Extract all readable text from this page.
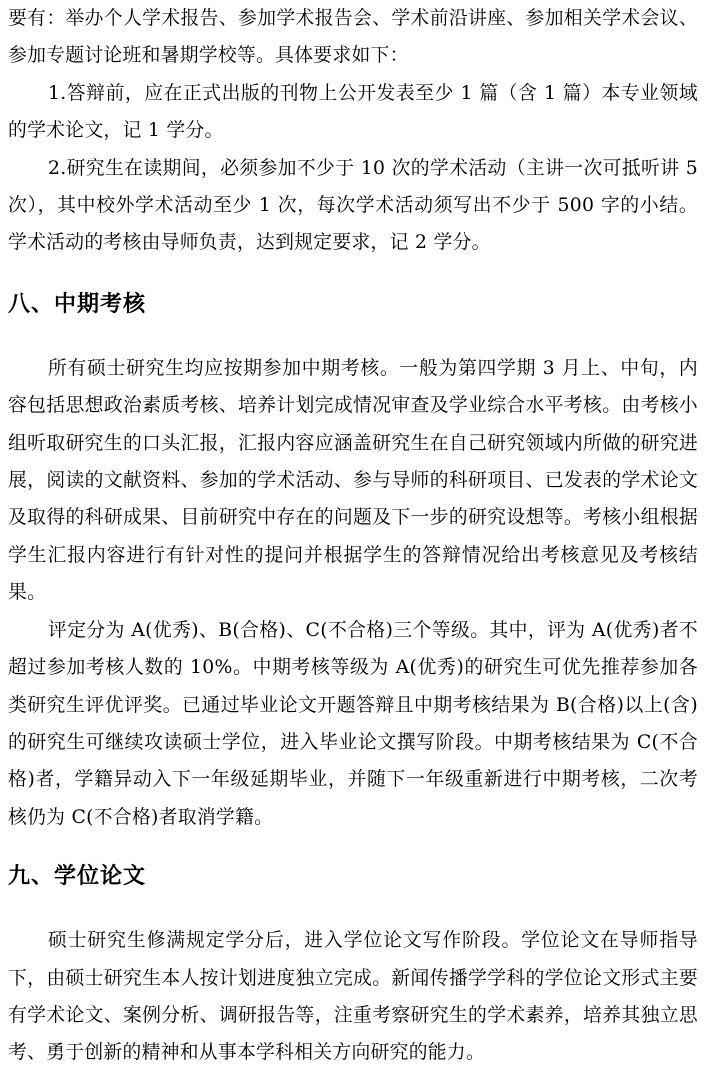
要有：举办个人学术报告、参加学术报告会、学术前沿讲座、参加相关学术会议、参加专题讨论班和暑期学校等。具体要求如下：

1.答辩前，应在正式出版的刊物上公开发表至少 1 篇（含 1 篇）本专业领域的学术论文，记 1 学分。

2.研究生在读期间，必须参加不少于 10 次的学术活动（主讲一次可抵听讲 5次），其中校外学术活动至少 1 次，每次学术活动须写出不少于 500 字的小结。学术活动的考核由导师负责，达到规定要求，记 2 学分。

八、中期考核

所有硕士研究生均应按期参加中期考核。一般为第四学期 3 月上、中旬，内容包括思想政治素质考核、培养计划完成情况审查及学业综合水平考核。由考核小组听取研究生的口头汇报，汇报内容应涵盖研究生在自己研究领域内所做的研究进展，阅读的文献资料、参加的学术活动、参与导师的科研项目、已发表的学术论文及取得的科研成果、目前研究中存在的问题及下一步的研究设想等。考核小组根据学生汇报内容进行有针对性的提问并根据学生的答辩情况给出考核意见及考核结果。

评定分为 A(优秀)、B(合格)、C(不合格)三个等级。其中，评为 A(优秀)者不超过参加考核人数的 10%。中期考核等级为 A(优秀)的研究生可优先推荐参加各类研究生评优评奖。已通过毕业论文开题答辩且中期考核结果为 B(合格)以上(含)的研究生可继续攻读硕士学位，进入毕业论文撰写阶段。中期考核结果为 C(不合格)者，学籍异动入下一年级延期毕业，并随下一年级重新进行中期考核，二次考核仍为 C(不合格)者取消学籍。

九、学位论文

硕士研究生修满规定学分后，进入学位论文写作阶段。学位论文在导师指导下，由硕士研究生本人按计划进度独立完成。新闻传播学学科的学位论文形式主要有学术论文、案例分析、调研报告等，注重考察研究生的学术素养，培养其独立思考、勇于创新的精神和从事本学科相关方向研究的能力。
